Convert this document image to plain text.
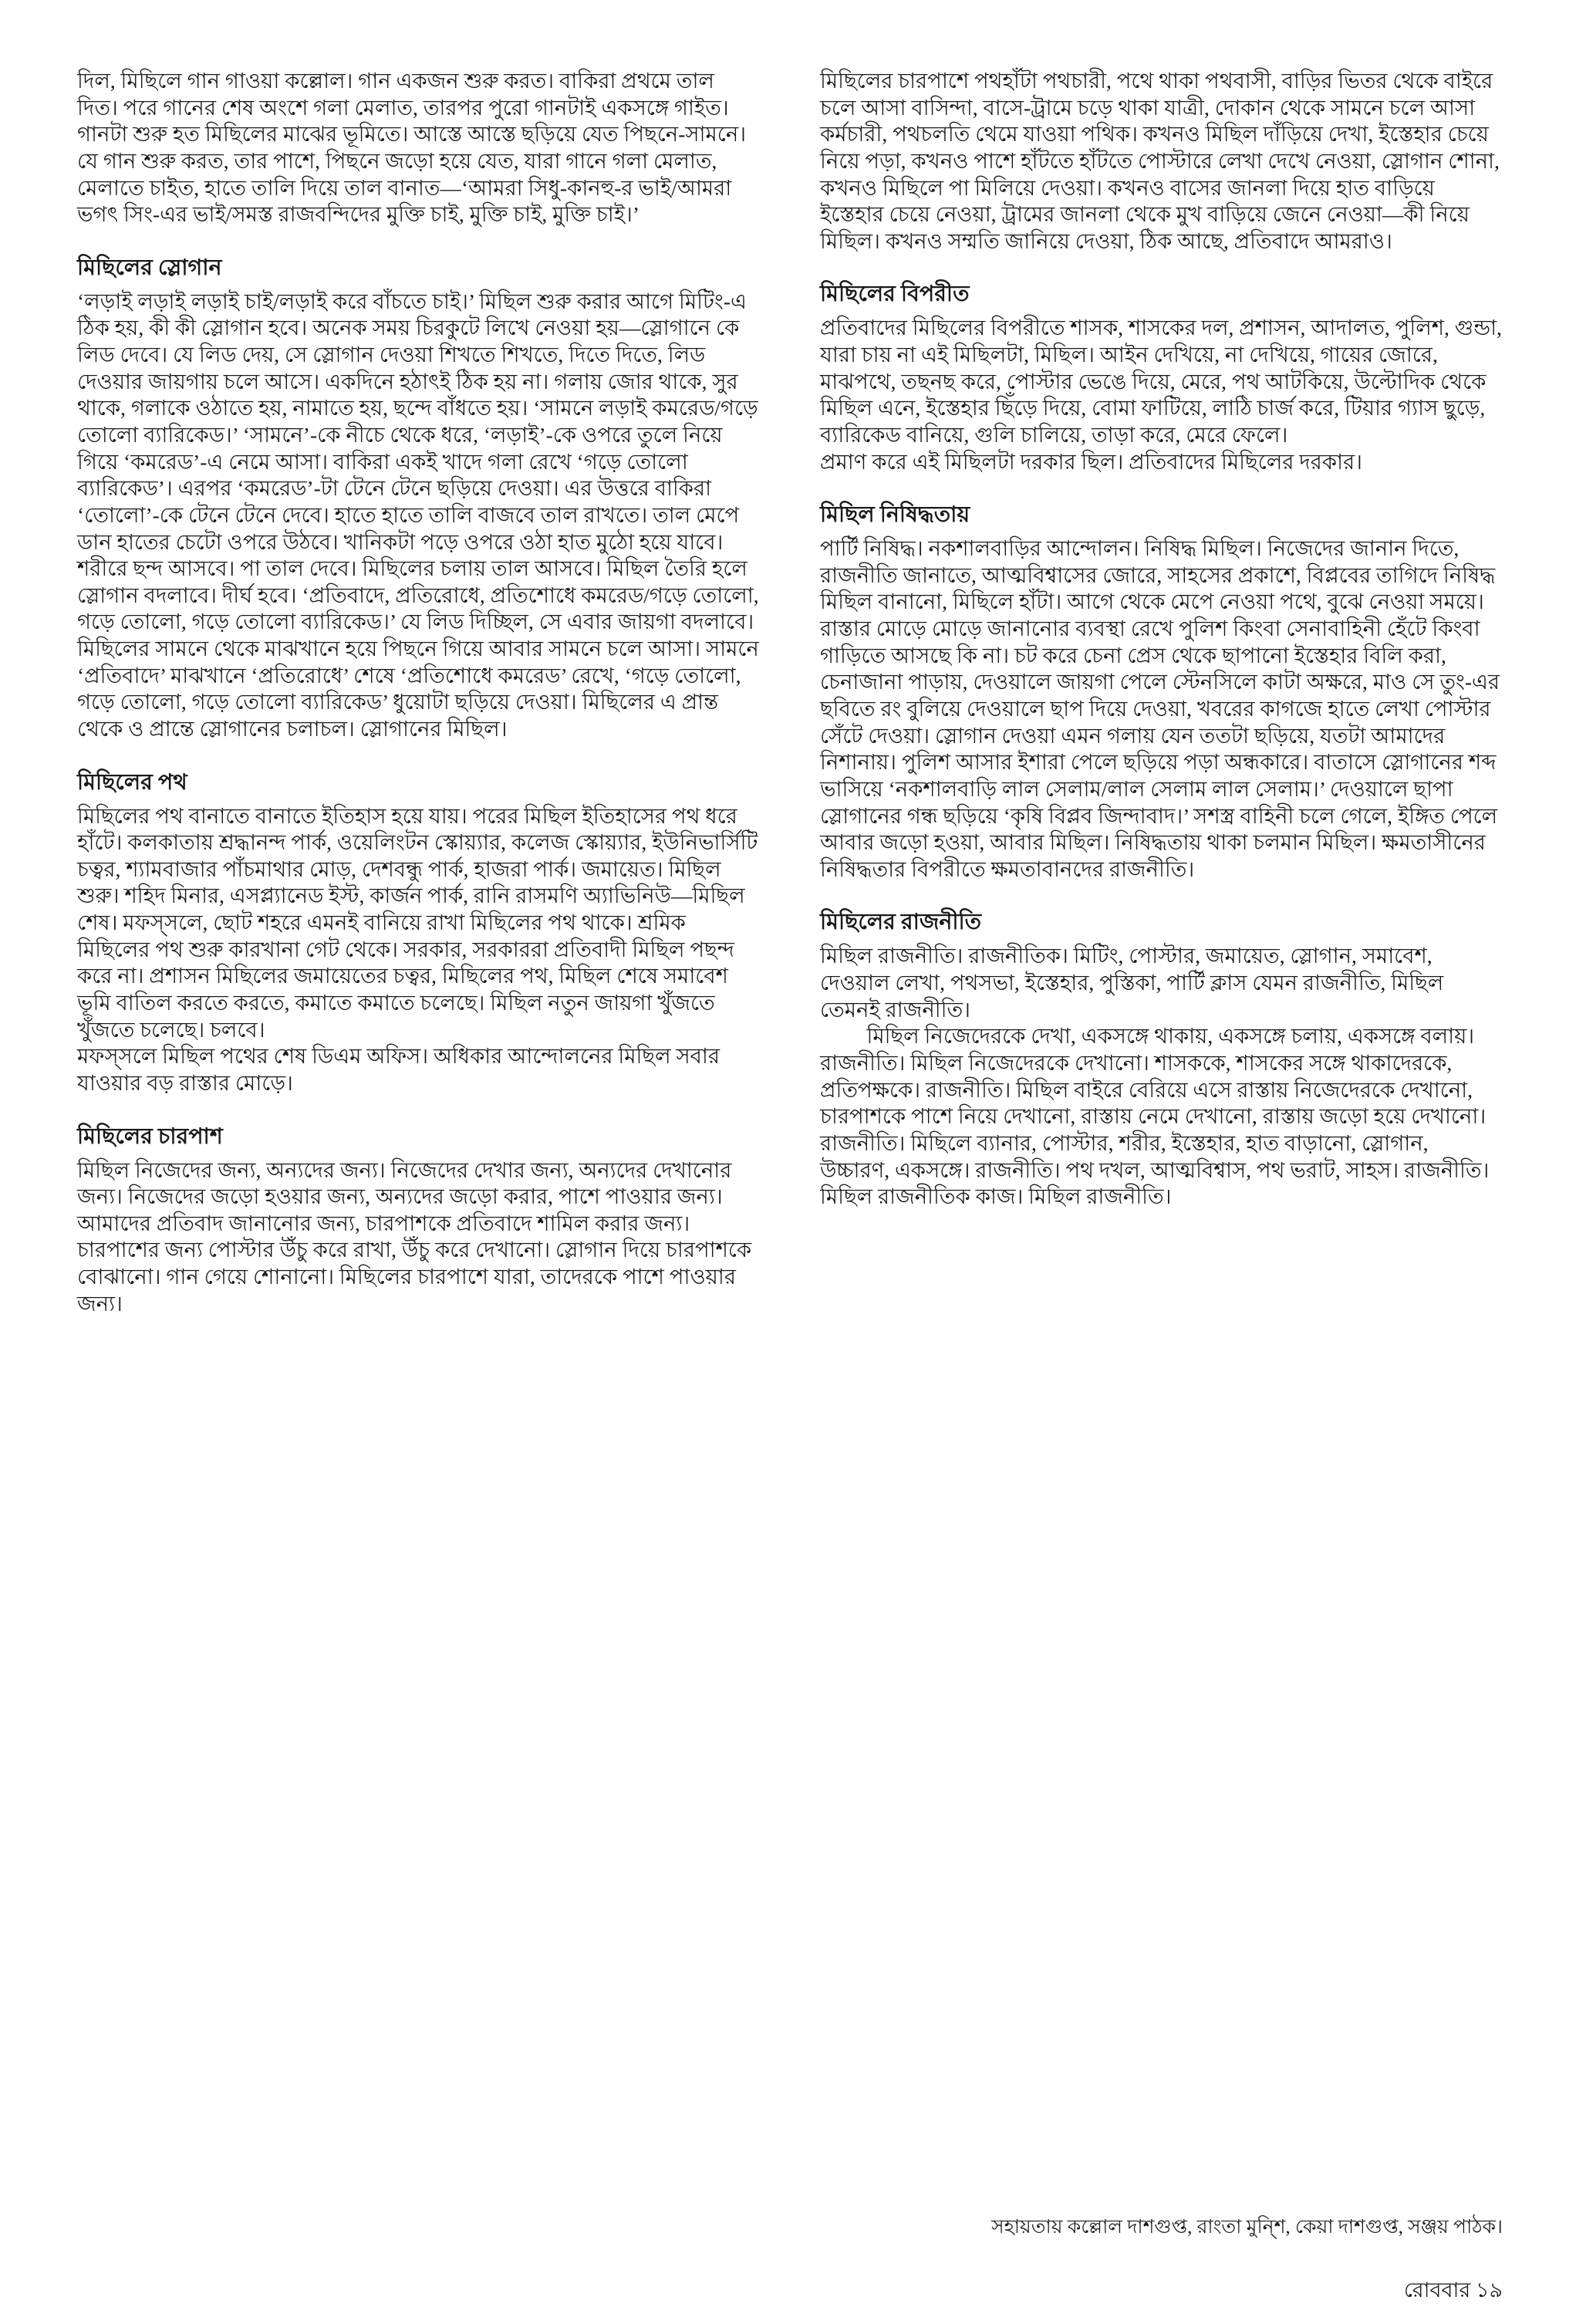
দিল, মিছিলে গান গাওয়া কল্লোল। গান একজন শুরু করত। বাকিরা প্রথমে তাল দিত। পরে গানের শেষ অংশে গলা মেলাত, তারপর পুরো গানটাই একসঙ্গে গাইত। গানটা শুরু হত মিছিলের মাঝের ভূমিতে। আস্তে আস্তে ছড়িয়ে যেত পিছনে-সামনে। যে গান শুরু করত, তার পাশে, পিছনে জড়ো হয়ে যেত, যারা গানে গলা মেলাত, মেলাতে চাইত, হাতে তালি দিয়ে তাল বানাত—‘আমরা সিধু-কানহু-র ভাই/আমরা ভগৎ সিং-এর ভাই/সমস্ত রাজবন্দিদের মুক্তি চাই, মুক্তি চাই, মুক্তি চাই।’

মিছিলের স্লোগান

‘লড়াই লড়াই লড়াই চাই/লড়াই করে বাঁচতে চাই।’ মিছিল শুরু করার আগে মিটিং-এ ঠিক হয়, কী কী স্লোগান হবে। অনেক সময় চিরকুটে লিখে নেওয়া হয়—স্লোগানে কে লিড দেবে। যে লিড দেয়, সে স্লোগান দেওয়া শিখতে শিখতে, দিতে দিতে, লিড দেওয়ার জায়গায় চলে আসে। একদিনে হঠাৎই ঠিক হয় না। গলায় জোর থাকে, সুর থাকে, গলাকে ওঠাতে হয়, নামাতে হয়, ছন্দে বাঁধতে হয়। ‘সামনে লড়াই কমরেড/গড়ে তোলো ব্যারিকেড।’ ‘সামনে’-কে নীচে থেকে ধরে, ‘লড়াই’-কে ওপরে তুলে নিয়ে গিয়ে ‘কমরেড’-এ নেমে আসা। বাকিরা একই খাদে গলা রেখে ‘গড়ে তোলো ব্যারিকেড’। এরপর ‘কমরেড’-টা টেনে টেনে ছড়িয়ে দেওয়া। এর উত্তরে বাকিরা ‘তোলো’-কে টেনে টেনে দেবে। হাতে হাতে তালি বাজবে তাল রাখতে। তাল মেপে ডান হাতের চেটো ওপরে উঠবে। খানিকটা পড়ে ওপরে ওঠা হাত মুঠো হয়ে যাবে। শরীরে ছন্দ আসবে। পা তাল দেবে। মিছিলের চলায় তাল আসবে। মিছিল তৈরি হলে স্লোগান বদলাবে। দীর্ঘ হবে। ‘প্রতিবাদে, প্রতিরোধে, প্রতিশোধে কমরেড/গড়ে তোলো, গড়ে তোলো, গড়ে তোলো ব্যারিকেড।’ যে লিড দিচ্ছিল, সে এবার জায়গা বদলাবে। মিছিলের সামনে থেকে মাঝখানে হয়ে পিছনে গিয়ে আবার সামনে চলে আসা। সামনে ‘প্রতিবাদে’ মাঝখানে ‘প্রতিরোধে’ শেষে ‘প্রতিশোধে কমরেড’ রেখে, ‘গড়ে তোলো, গড়ে তোলো, গড়ে তোলো ব্যারিকেড’ ধুয়োটা ছড়িয়ে দেওয়া। মিছিলের এ প্রান্ত থেকে ও প্রান্তে স্লোগানের চলাচল। স্লোগানের মিছিল।

মিছিলের পথ

মিছিলের পথ বানাতে বানাতে ইতিহাস হয়ে যায়। পরের মিছিল ইতিহাসের পথ ধরে হাঁটে। কলকাতায় শ্রদ্ধানন্দ পার্ক, ওয়েলিংটন স্কোয়্যার, কলেজ স্কোয়্যার, ইউনিভার্সিটি চত্বর, শ্যামবাজার পাঁচমাথার মোড়, দেশবন্ধু পার্ক, হাজরা পার্ক। জমায়েত। মিছিল শুরু। শহিদ মিনার, এসপ্ল্যানেড ইস্ট, কার্জন পার্ক, রানি রাসমণি অ্যাভিনিউ—মিছিল শেষ। মফস্সলে, ছোট শহরে এমনই বানিয়ে রাখা মিছিলের পথ থাকে। শ্রমিক মিছিলের পথ শুরু কারখানা গেট থেকে। সরকার, সরকাররা প্রতিবাদী মিছিল পছন্দ করে না। প্রশাসন মিছিলের জমায়েতের চত্বর, মিছিলের পথ, মিছিল শেষে সমাবেশ ভূমি বাতিল করতে করতে, কমাতে কমাতে চলেছে। মিছিল নতুন জায়গা খুঁজতে খুঁজতে চলেছে। চলবে।

মফস্সলে মিছিল পথের শেষ ডিএম অফিস। অধিকার আন্দোলনের মিছিল সবার যাওয়ার বড় রাস্তার মোড়ে।

মিছিলের চারপাশ

মিছিল নিজেদের জন্য, অন্যদের জন্য। নিজেদের দেখার জন্য, অন্যদের দেখানোর জন্য। নিজেদের জড়ো হওয়ার জন্য, অন্যদের জড়ো করার, পাশে পাওয়ার জন্য। আমাদের প্রতিবাদ জানানোর জন্য, চারপাশকে প্রতিবাদে শামিল করার জন্য। চারপাশের জন্য পোস্টার উঁচু করে রাখা, উঁচু করে দেখানো। স্লোগান দিয়ে চারপাশকে বোঝানো। গান গেয়ে শোনানো। মিছিলের চারপাশে যারা, তাদেরকে পাশে পাওয়ার জন্য।

মিছিলের চারপাশে পথহাঁটা পথচারী, পথে থাকা পথবাসী, বাড়ির ভিতর থেকে বাইরে চলে আসা বাসিন্দা, বাসে-ট্রামে চড়ে থাকা যাত্রী, দোকান থেকে সামনে চলে আসা কর্মচারী, পথচলতি থেমে যাওয়া পথিক। কখনও মিছিল দাঁড়িয়ে দেখা, ইস্তেহার চেয়ে নিয়ে পড়া, কখনও পাশে হাঁটতে হাঁটতে পোস্টারে লেখা দেখে নেওয়া, স্লোগান শোনা, কখনও মিছিলে পা মিলিয়ে দেওয়া। কখনও বাসের জানলা দিয়ে হাত বাড়িয়ে ইস্তেহার চেয়ে নেওয়া, ট্রামের জানলা থেকে মুখ বাড়িয়ে জেনে নেওয়া—কী নিয়ে মিছিল। কখনও সম্মতি জানিয়ে দেওয়া, ঠিক আছে, প্রতিবাদে আমরাও।

মিছিলের বিপরীত

প্রতিবাদের মিছিলের বিপরীতে শাসক, শাসকের দল, প্রশাসন, আদালত, পুলিশ, গুন্ডা, যারা চায় না এই মিছিলটা, মিছিল। আইন দেখিয়ে, না দেখিয়ে, গায়ের জোরে, মাঝপথে, তছনছ করে, পোস্টার ভেঙে দিয়ে, মেরে, পথ আটকিয়ে, উল্টোদিক থেকে মিছিল এনে, ইস্তেহার ছিঁড়ে দিয়ে, বোমা ফাটিয়ে, লাঠি চার্জ করে, টিয়ার গ্যাস ছুড়ে, ব্যারিকেড বানিয়ে, গুলি চালিয়ে, তাড়া করে, মেরে ফেলে।

প্রমাণ করে এই মিছিলটা দরকার ছিল। প্রতিবাদের মিছিলের দরকার।

মিছিল নিষিদ্ধতায়

পার্টি নিষিদ্ধ। নকশালবাড়ির আন্দোলন। নিষিদ্ধ মিছিল। নিজেদের জানান দিতে, রাজনীতি জানাতে, আত্মবিশ্বাসের জোরে, সাহসের প্রকাশে, বিপ্লবের তাগিদে নিষিদ্ধ মিছিল বানানো, মিছিলে হাঁটা। আগে থেকে মেপে নেওয়া পথে, বুঝে নেওয়া সময়ে। রাস্তার মোড়ে মোড়ে জানানোর ব্যবস্থা রেখে পুলিশ কিংবা সেনাবাহিনী হেঁটে কিংবা গাড়িতে আসছে কি না। চট করে চেনা প্রেস থেকে ছাপানো ইস্তেহার বিলি করা, চেনাজানা পাড়ায়, দেওয়ালে জায়গা পেলে স্টেনসিলে কাটা অক্ষরে, মাও সে তুং-এর ছবিতে রং বুলিয়ে দেওয়ালে ছাপ দিয়ে দেওয়া, খবরের কাগজে হাতে লেখা পোস্টার সেঁটে দেওয়া। স্লোগান দেওয়া এমন গলায় যেন ততটা ছড়িয়ে, যতটা আমাদের নিশানায়। পুলিশ আসার ইশারা পেলে ছড়িয়ে পড়া অন্ধকারে। বাতাসে স্লোগানের শব্দ ভাসিয়ে ‘নকশালবাড়ি লাল সেলাম/লাল সেলাম লাল সেলাম।’ দেওয়ালে ছাপা স্লোগানের গন্ধ ছড়িয়ে ‘কৃষি বিপ্লব জিন্দাবাদ।’ সশস্ত্র বাহিনী চলে গেলে, ইঙ্গিত পেলে আবার জড়ো হওয়া, আবার মিছিল। নিষিদ্ধতায় থাকা চলমান মিছিল। ক্ষমতাসীনের নিষিদ্ধতার বিপরীতে ক্ষমতাবানদের রাজনীতি।

মিছিলের রাজনীতি

মিছিল রাজনীতি। রাজনীতিক। মিটিং, পোস্টার, জমায়েত, স্লোগান, সমাবেশ, দেওয়াল লেখা, পথসভা, ইস্তেহার, পুস্তিকা, পার্টি ক্লাস যেমন রাজনীতি, মিছিল তেমনই রাজনীতি।

মিছিল নিজেদেরকে দেখা, একসঙ্গে থাকায়, একসঙ্গে চলায়, একসঙ্গে বলায়। রাজনীতি। মিছিল নিজেদেরকে দেখানো। শাসককে, শাসকের সঙ্গে থাকাদেরকে, প্রতিপক্ষকে। রাজনীতি। মিছিল বাইরে বেরিয়ে এসে রাস্তায় নিজেদেরকে দেখানো, চারপাশকে পাশে নিয়ে দেখানো, রাস্তায় নেমে দেখানো, রাস্তায় জড়ো হয়ে দেখানো। রাজনীতি। মিছিলে ব্যানার, পোস্টার, শরীর, ইস্তেহার, হাত বাড়ানো, স্লোগান, উচ্চারণ, একসঙ্গে। রাজনীতি। পথ দখল, আত্মবিশ্বাস, পথ ভরাট, সাহস। রাজনীতি। মিছিল রাজনীতিক কাজ। মিছিল রাজনীতি।

সহায়তায় কল্লোল দাশগুপ্ত, রাংতা মুন্শি, কেয়া দাশগুপ্ত, সঞ্জয় পাঠক।
রোববার ১৯
